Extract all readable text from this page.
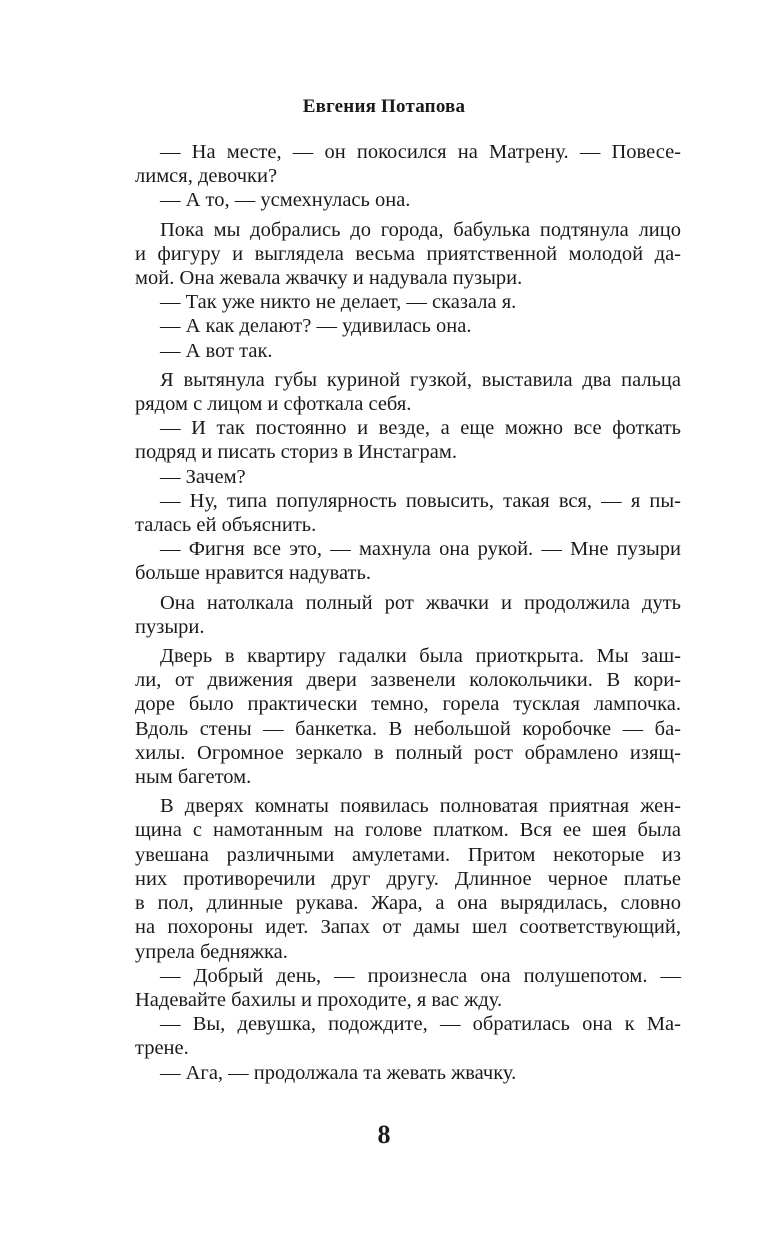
Евгения Потапова

— На месте, — он покосился на Матрену. — Повесе-
лимся, девочки?

— А то, — усмехнулась она.

Пока мы добрались до города, бабулька подтянула лицо
и фигуру и выглядела весьма приятственной молодой да-
мой. Она жевала жвачку и надувала пузыри.

— Так уже никто не делает, — сказала я.

— А как делают? — удивилась она.

— А вот так.

Я вытянула губы куриной гузкой, выставила два пальца
рядом с лицом и сфоткала себя.

— И так постоянно и везде, а еще можно все фоткать
подряд и писать сториз в Инстаграм.

— Зачем?

— Ну, типа популярность повысить, такая вся, — я пы-
талась ей объяснить.

— Фигня все это, — махнула она рукой. — Мне пузыри
больше нравится надувать.

Она натолкала полный рот жвачки и продолжила дуть
пузыри.

Дверь в квартиру гадалки была приоткрыта. Мы заш-
ли, от движения двери зазвенели колокольчики. В кори-
доре было практически темно, горела тусклая лампочка.
Вдоль стены — банкетка. В небольшой коробочке — ба-
хилы. Огромное зеркало в полный рост обрамлено изящ-
ным багетом.

В дверях комнаты появилась полноватая приятная жен-
щина с намотанным на голове платком. Вся ее шея была
увешана различными амулетами. Притом некоторые из
них противоречили друг другу. Длинное черное платье
в пол, длинные рукава. Жара, а она вырядилась, словно
на похороны идет. Запах от дамы шел соответствующий,
упрела бедняжка.

— Добрый день, — произнесла она полушепотом. —
Надевайте бахилы и проходите, я вас жду.

— Вы, девушка, подождите, — обратилась она к Ма-
трене.

— Ага, — продолжала та жевать жвачку.

8
